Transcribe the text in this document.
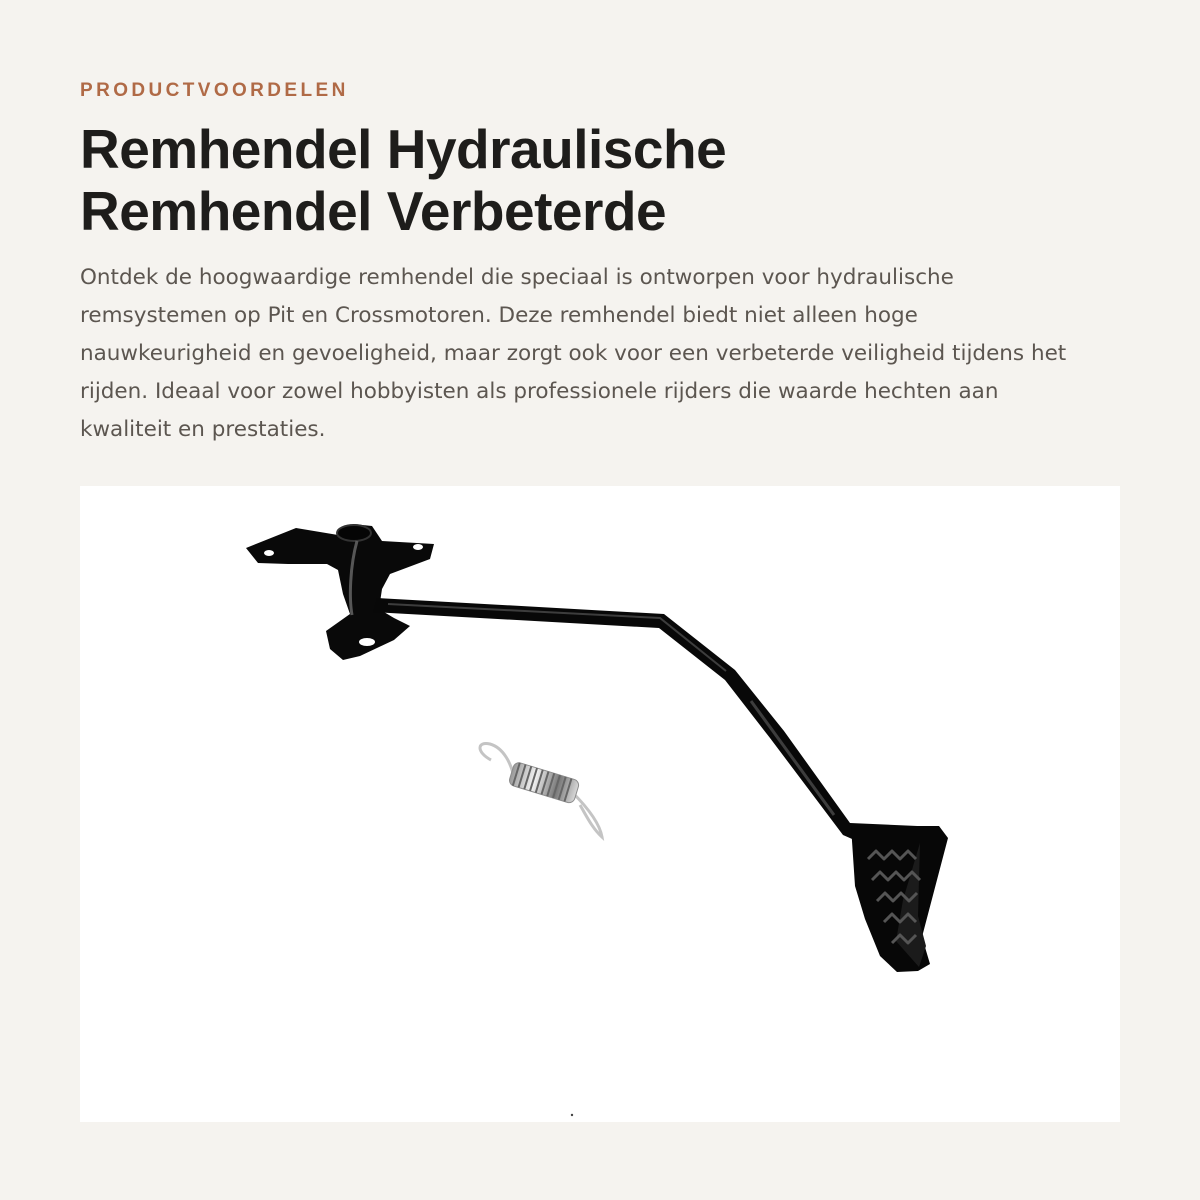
PRODUCTVOORDELEN

Remhendel Hydraulische
Remhendel Verbeterde

Ontdek de hoogwaardige remhendel die speciaal is ontworpen voor hydraulische remsystemen op Pit en Crossmotoren. Deze remhendel biedt niet alleen hoge nauwkeurigheid en gevoeligheid, maar zorgt ook voor een verbeterde veiligheid tijdens het rijden. Ideaal voor zowel hobbyisten als professionele rijders die waarde hechten aan kwaliteit en prestaties.
